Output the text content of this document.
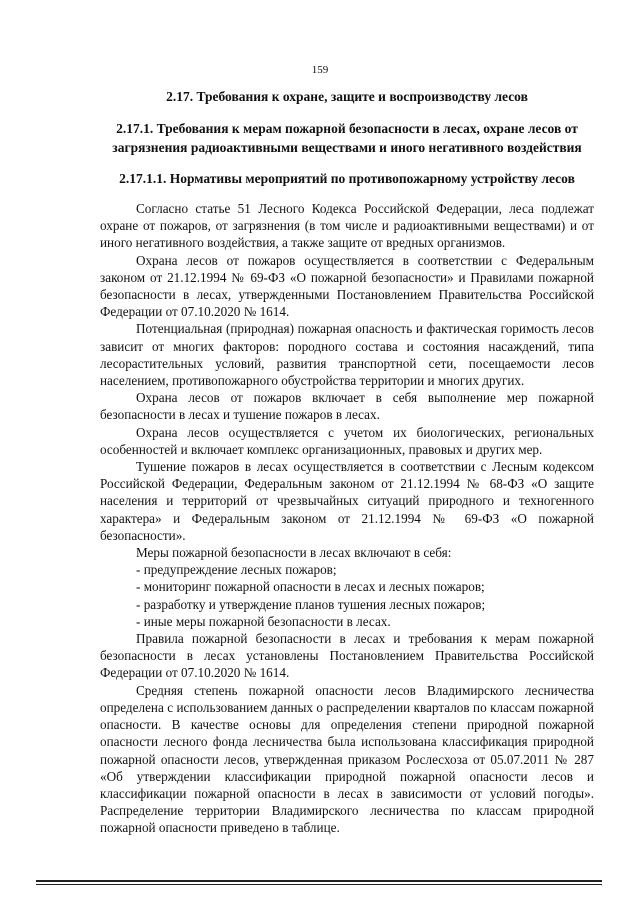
159
2.17. Требования к охране, защите и воспроизводству лесов
2.17.1. Требования к мерам пожарной безопасности в лесах, охране лесов от загрязнения радиоактивными веществами и иного негативного воздействия
2.17.1.1. Нормативы мероприятий по противопожарному устройству лесов

Согласно статье 51 Лесного Кодекса Российской Федерации, леса подлежат охране от пожаров, от загрязнения (в том числе и радиоактивными веществами) и от иного негативного воздействия, а также защите от вредных организмов.

Охрана лесов от пожаров осуществляется в соответствии с Федеральным законом от 21.12.1994 № 69-ФЗ «О пожарной безопасности» и Правилами пожарной безопасности в лесах, утвержденными Постановлением Правительства Российской Федерации от 07.10.2020 № 1614.

Потенциальная (природная) пожарная опасность и фактическая горимость лесов зависит от многих факторов: породного состава и состояния насаждений, типа лесорастительных условий, развития транспортной сети, посещаемости лесов населением, противопожарного обустройства территории и многих других.

Охрана лесов от пожаров включает в себя выполнение мер пожарной безопасности в лесах и тушение пожаров в лесах.

Охрана лесов осуществляется с учетом их биологических, региональных особенностей и включает комплекс организационных, правовых и других мер.

Тушение пожаров в лесах осуществляется в соответствии с Лесным кодексом Российской Федерации, Федеральным законом от 21.12.1994 № 68-ФЗ «О защите населения и территорий от чрезвычайных ситуаций природного и техногенного характера» и Федеральным законом от 21.12.1994 № 69-ФЗ «О пожарной безопасности».

Меры пожарной безопасности в лесах включают в себя:

- предупреждение лесных пожаров;

- мониторинг пожарной опасности в лесах и лесных пожаров;

- разработку и утверждение планов тушения лесных пожаров;

- иные меры пожарной безопасности в лесах.

Правила пожарной безопасности в лесах и требования к мерам пожарной безопасности в лесах установлены Постановлением Правительства Российской Федерации от 07.10.2020 № 1614.

Средняя степень пожарной опасности лесов Владимирского лесничества определена с использованием данных о распределении кварталов по классам пожарной опасности. В качестве основы для определения степени природной пожарной опасности лесного фонда лесничества была использована классификация природной пожарной опасности лесов, утвержденная приказом Рослесхоза от 05.07.2011 № 287 «Об утверждении классификации природной пожарной опасности лесов и классификации пожарной опасности в лесах в зависимости от условий погоды». Распределение территории Владимирского лесничества по классам природной пожарной опасности приведено в таблице.
